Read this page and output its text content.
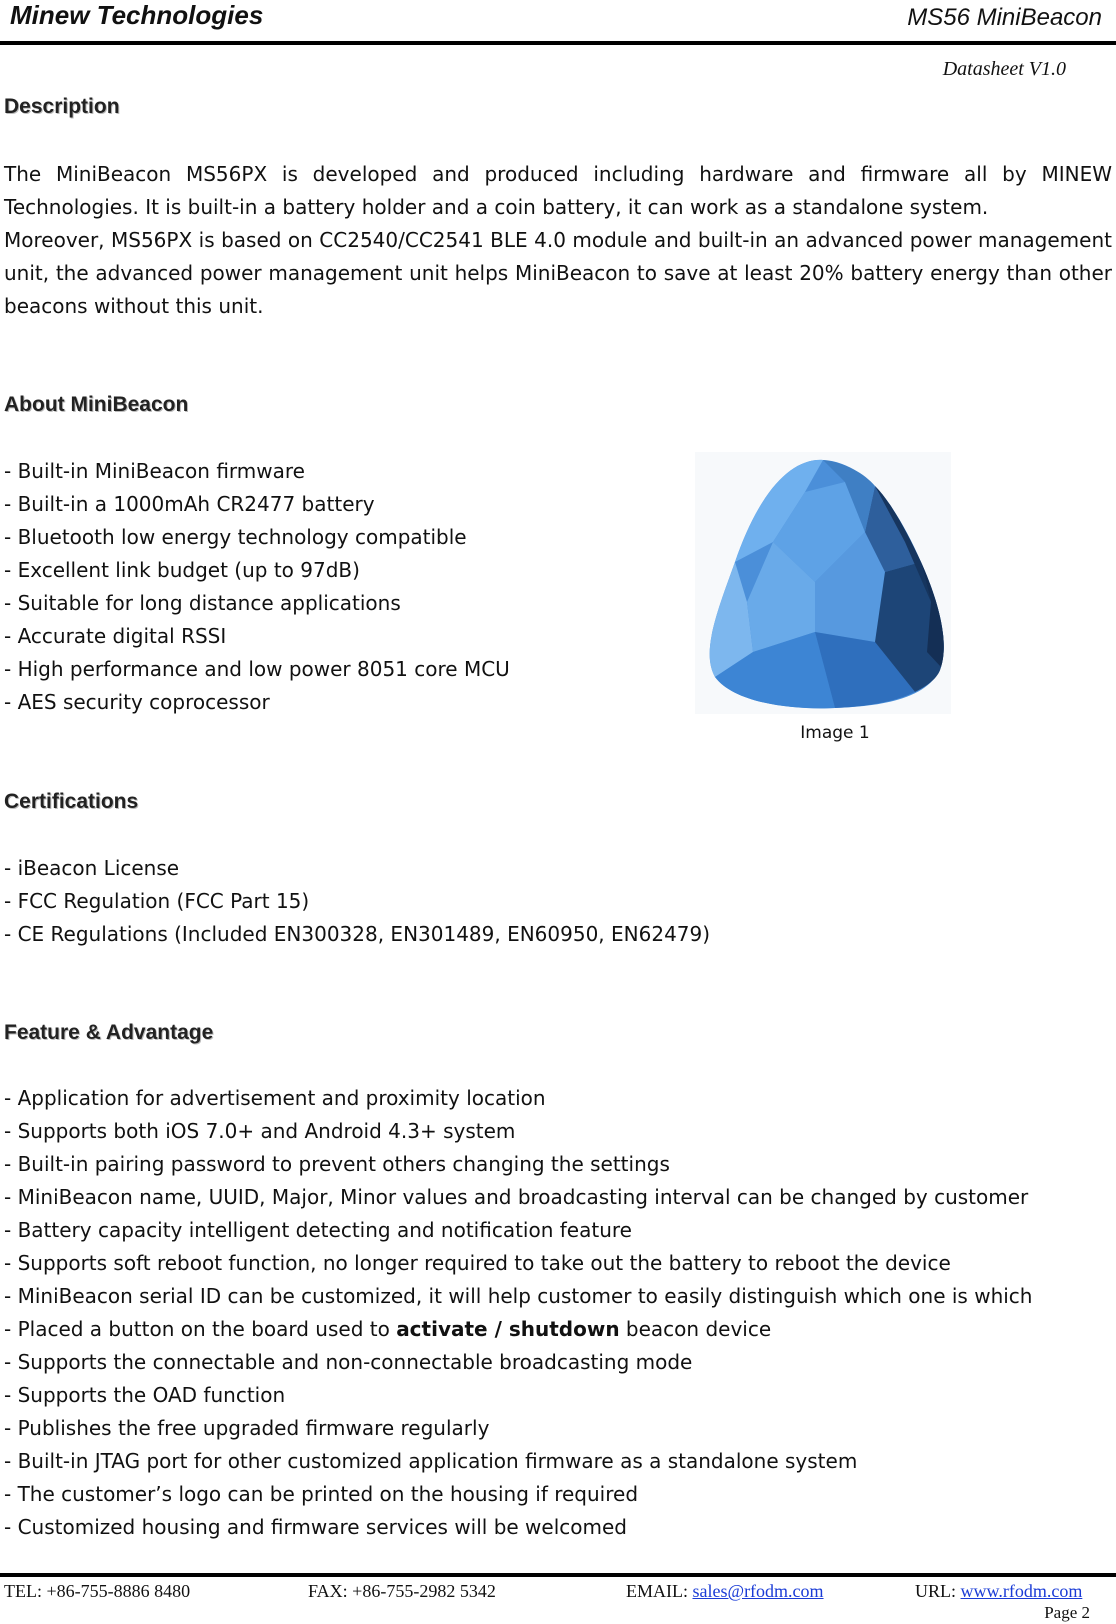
Minew Technologies	MS56 MiniBeacon
Datasheet V1.0
Description

The MiniBeacon MS56PX is developed and produced including hardware and firmware all by MINEW Technologies. It is built-in a battery holder and a coin battery, it can work as a standalone system.

Moreover, MS56PX is based on CC2540/CC2541 BLE 4.0 module and built-in an advanced power management unit, the advanced power management unit helps MiniBeacon to save at least 20% battery energy than other beacons without this unit.

About MiniBeacon
- Built-in MiniBeacon firmware
- Built-in a 1000mAh CR2477 battery
- Bluetooth low energy technology compatible
- Excellent link budget (up to 97dB)
- Suitable for long distance applications
- Accurate digital RSSI
- High performance and low power 8051 core MCU
- AES security coprocessor
Image 1
Certifications
- iBeacon License
- FCC Regulation (FCC Part 15)
- CE Regulations (Included EN300328, EN301489, EN60950, EN62479)
Feature & Advantage
- Application for advertisement and proximity location
- Supports both iOS 7.0+ and Android 4.3+ system
- Built-in pairing password to prevent others changing the settings
- MiniBeacon name, UUID, Major, Minor values and broadcasting interval can be changed by customer
- Battery capacity intelligent detecting and notification feature
- Supports soft reboot function, no longer required to take out the battery to reboot the device
- MiniBeacon serial ID can be customized, it will help customer to easily distinguish which one is which
- Placed a button on the board used to activate / shutdown beacon device
- Supports the connectable and non-connectable broadcasting mode
- Supports the OAD function
- Publishes the free upgraded firmware regularly
- Built-in JTAG port for other customized application firmware as a standalone system
- The customer’s logo can be printed on the housing if required
- Customized housing and firmware services will be welcomed
TEL: +86-755-8886 8480	FAX: +86-755-2982 5342	EMAIL: sales@rfodm.com	URL: www.rfodm.com
Page 2
